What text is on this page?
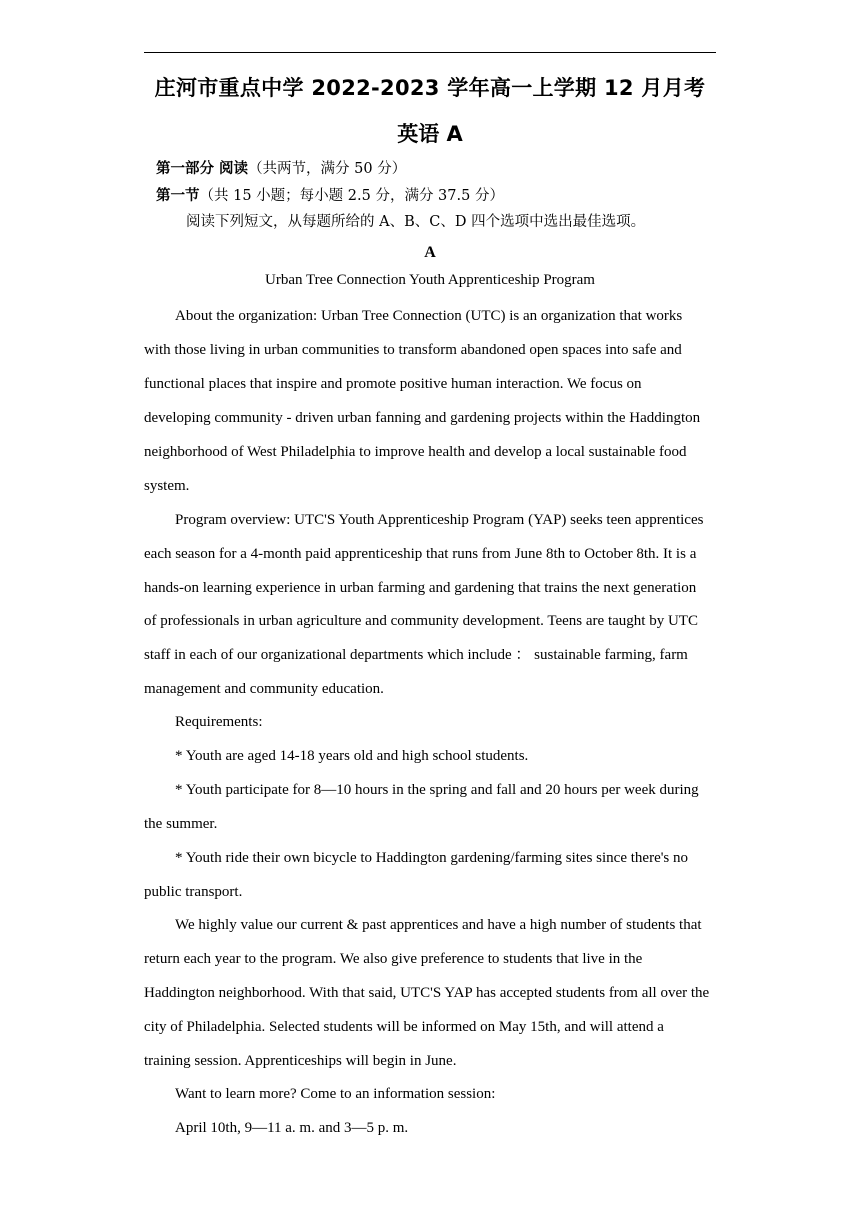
庄河市重点中学 2022-2023 学年高一上学期 12 月月考
英语 A
第一部分 阅读（共两节，满分 50 分）
第一节（共 15 小题；每小题 2.5 分，满分 37.5 分）
阅读下列短文，从每题所给的 A、B、C、D 四个选项中选出最佳选项。
A
Urban Tree Connection Youth Apprenticeship Program
About the organization: Urban Tree Connection (UTC) is an organization that works
with those living in urban communities to transform abandoned open spaces into safe and
functional places that inspire and promote positive human interaction. We focus on
developing community - driven urban fanning and gardening projects within the Haddington
neighborhood of West Philadelphia to improve health and develop a local sustainable food
system.
Program overview: UTC'S Youth Apprenticeship Program (YAP) seeks teen apprentices
each season for a 4-month paid apprenticeship that runs from June 8th to October 8th. It is a
hands-on learning experience in urban farming and gardening that trains the next generation
of professionals in urban agriculture and community development. Teens are taught by UTC
staff in each of our organizational departments which include ： sustainable farming, farm
management and community education.
Requirements:
* Youth are aged 14-18 years old and high school students.
* Youth participate for 8—10 hours in the spring and fall and 20 hours per week during
the summer.
* Youth ride their own bicycle to Haddington gardening/farming sites since there's no
public transport.
We highly value our current & past apprentices and have a high number of students that
return each year to the program. We also give preference to students that live in the
Haddington neighborhood. With that said, UTC'S YAP has accepted students from all over the
city of Philadelphia. Selected students will be informed on May 15th, and will attend a
training session. Apprenticeships will begin in June.
Want to learn more? Come to an information session:
April 10th, 9—11 a. m. and 3—5 p. m.
